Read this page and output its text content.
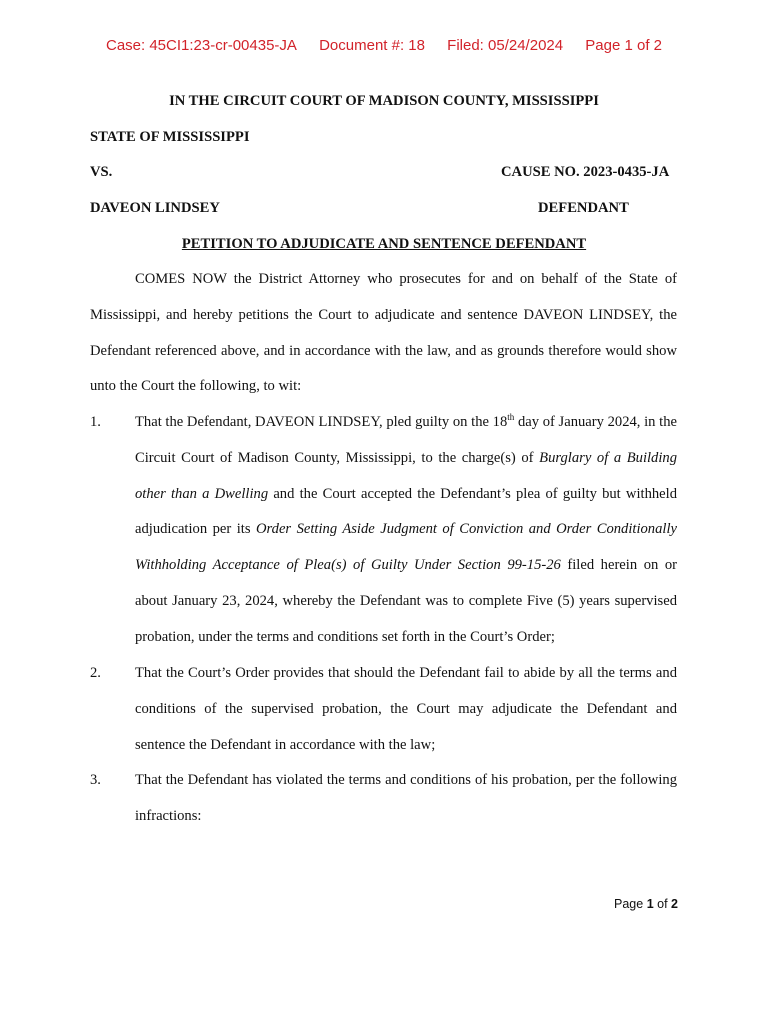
Case: 45CI1:23-cr-00435-JA Document #: 18 Filed: 05/24/2024 Page 1 of 2
IN THE CIRCUIT COURT OF MADISON COUNTY, MISSISSIPPI
STATE OF MISSISSIPPI
VS.	CAUSE NO. 2023-0435-JA
DAVEON LINDSEY	DEFENDANT
PETITION TO ADJUDICATE AND SENTENCE DEFENDANT

COMES NOW the District Attorney who prosecutes for and on behalf of the State of Mississippi, and hereby petitions the Court to adjudicate and sentence DAVEON LINDSEY, the Defendant referenced above, and in accordance with the law, and as grounds therefore would show unto the Court the following, to wit:

1. That the Defendant, DAVEON LINDSEY, pled guilty on the 18th day of January 2024, in the Circuit Court of Madison County, Mississippi, to the charge(s) of Burglary of a Building other than a Dwelling and the Court accepted the Defendant’s plea of guilty but withheld adjudication per its Order Setting Aside Judgment of Conviction and Order Conditionally Withholding Acceptance of Plea(s) of Guilty Under Section 99-15-26 filed herein on or about January 23, 2024, whereby the Defendant was to complete Five (5) years supervised probation, under the terms and conditions set forth in the Court’s Order;

2. That the Court’s Order provides that should the Defendant fail to abide by all the terms and conditions of the supervised probation, the Court may adjudicate the Defendant and sentence the Defendant in accordance with the law;

3. That the Defendant has violated the terms and conditions of his probation, per the following infractions:

Page 1 of 2
